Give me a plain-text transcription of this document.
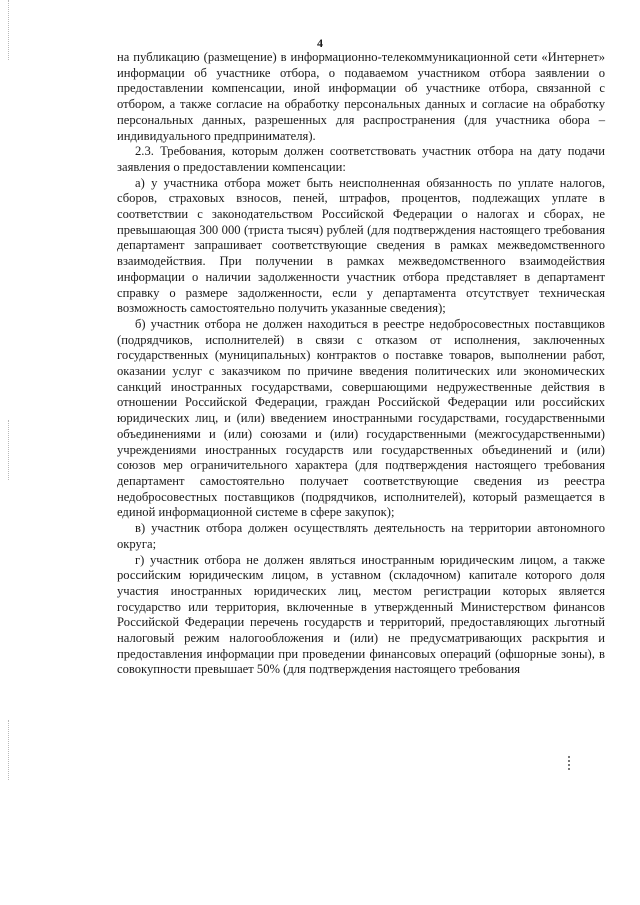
4

на публикацию (размещение) в информационно-телекоммуникационной сети «Интернет» информации об участнике отбора, о подаваемом участником отбора заявлении о предоставлении компенсации, иной информации об участнике отбора, связанной с отбором, а также согласие на обработку персональных данных и согласие на обработку персональных данных, разрешенных для распространения (для участника обора – индивидуального предпринимателя).

2.3. Требования, которым должен соответствовать участник отбора на дату подачи заявления о предоставлении компенсации:

а) у участника отбора может быть неисполненная обязанность по уплате налогов, сборов, страховых взносов, пеней, штрафов, процентов, подлежащих уплате в соответствии с законодательством Российской Федерации о налогах и сборах, не превышающая 300 000 (триста тысяч) рублей (для подтверждения настоящего требования департамент запрашивает соответствующие сведения в рамках межведомственного взаимодействия. При получении в рамках межведомственного взаимодействия информации о наличии задолженности участник отбора представляет в департамент справку о размере задолженности, если у департамента отсутствует техническая возможность самостоятельно получить указанные сведения);

б) участник отбора не должен находиться в реестре недобросовестных поставщиков (подрядчиков, исполнителей) в связи с отказом от исполнения, заключенных государственных (муниципальных) контрактов о поставке товаров, выполнении работ, оказании услуг с заказчиком по причине введения политических или экономических санкций иностранных государствами, совершающими недружественные действия в отношении Российской Федерации, граждан Российской Федерации или российских юридических лиц, и (или) введением иностранными государствами, государственными объединениями и (или) союзами и (или) государственными (межгосударственными) учреждениями иностранных государств или государственных объединений и (или) союзов мер ограничительного характера (для подтверждения настоящего требования департамент самостоятельно получает соответствующие сведения из реестра недобросовестных поставщиков (подрядчиков, исполнителей), который размещается в единой информационной системе в сфере закупок);

в) участник отбора должен осуществлять деятельность на территории автономного округа;

г) участник отбора не должен являться иностранным юридическим лицом, а также российским юридическим лицом, в уставном (складочном) капитале которого доля участия иностранных юридических лиц, местом регистрации которых является государство или территория, включенные в утвержденный Министерством финансов Российской Федерации перечень государств и территорий, предоставляющих льготный налоговый режим налогообложения и (или) не предусматривающих раскрытия и предоставления информации при проведении финансовых операций (офшорные зоны), в совокупности превышает 50% (для подтверждения настоящего требования
